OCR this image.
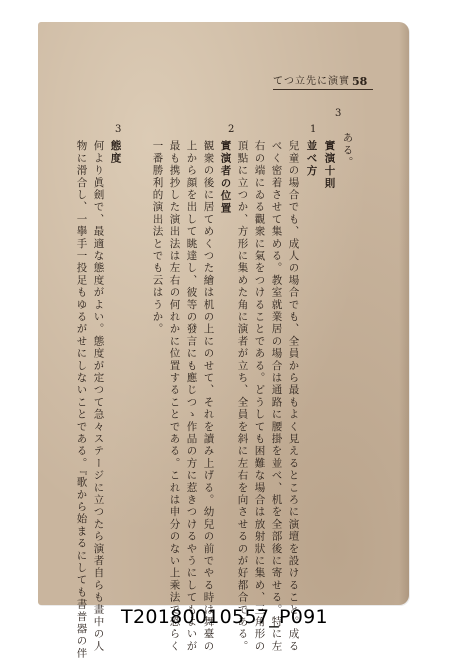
てつ立先に演實 58
3
1
2
3
ある。
實演十則
並べ方
兒童の場合でも、成人の場合でも、全員から最もよく見えるところに演壇を設けること。成る
べく密着させて集める。教室就業居の場合は通路に腰掛を並べ、机を全部後に寄せる。特に左
右の端にゐる觀衆に氣をつけることである。どうしても困難な場合は放射狀に集め、三角形の
頂點に立つか、方形に集めた角に演者が立ち、全員を斜に左右を向させるのが好都合である。
實演者の位置
観衆の後に居てめくつた繪は机の上にのせて、それを讀み上げる。幼兒の前でやる時は舞臺の
上から顔を出して眺達し、彼等の發言にも應じつゝ作品の方に惹きつけるやうにしてもよいが
最も携抄した演出法は左右の何れかに位置することである。これは申分のない上乘法で恐らく
一番勝利的演出法とでも云はうか。
態度
何より眞劍で、最適な態度がよい。態度が定つて急々ステージに立つたら演者自らも畫中の人
物に滑合し、一擧手一投足もゆるがせにしないことである。『歌から始まるにしても書普器の伴	T20180010557_P091
